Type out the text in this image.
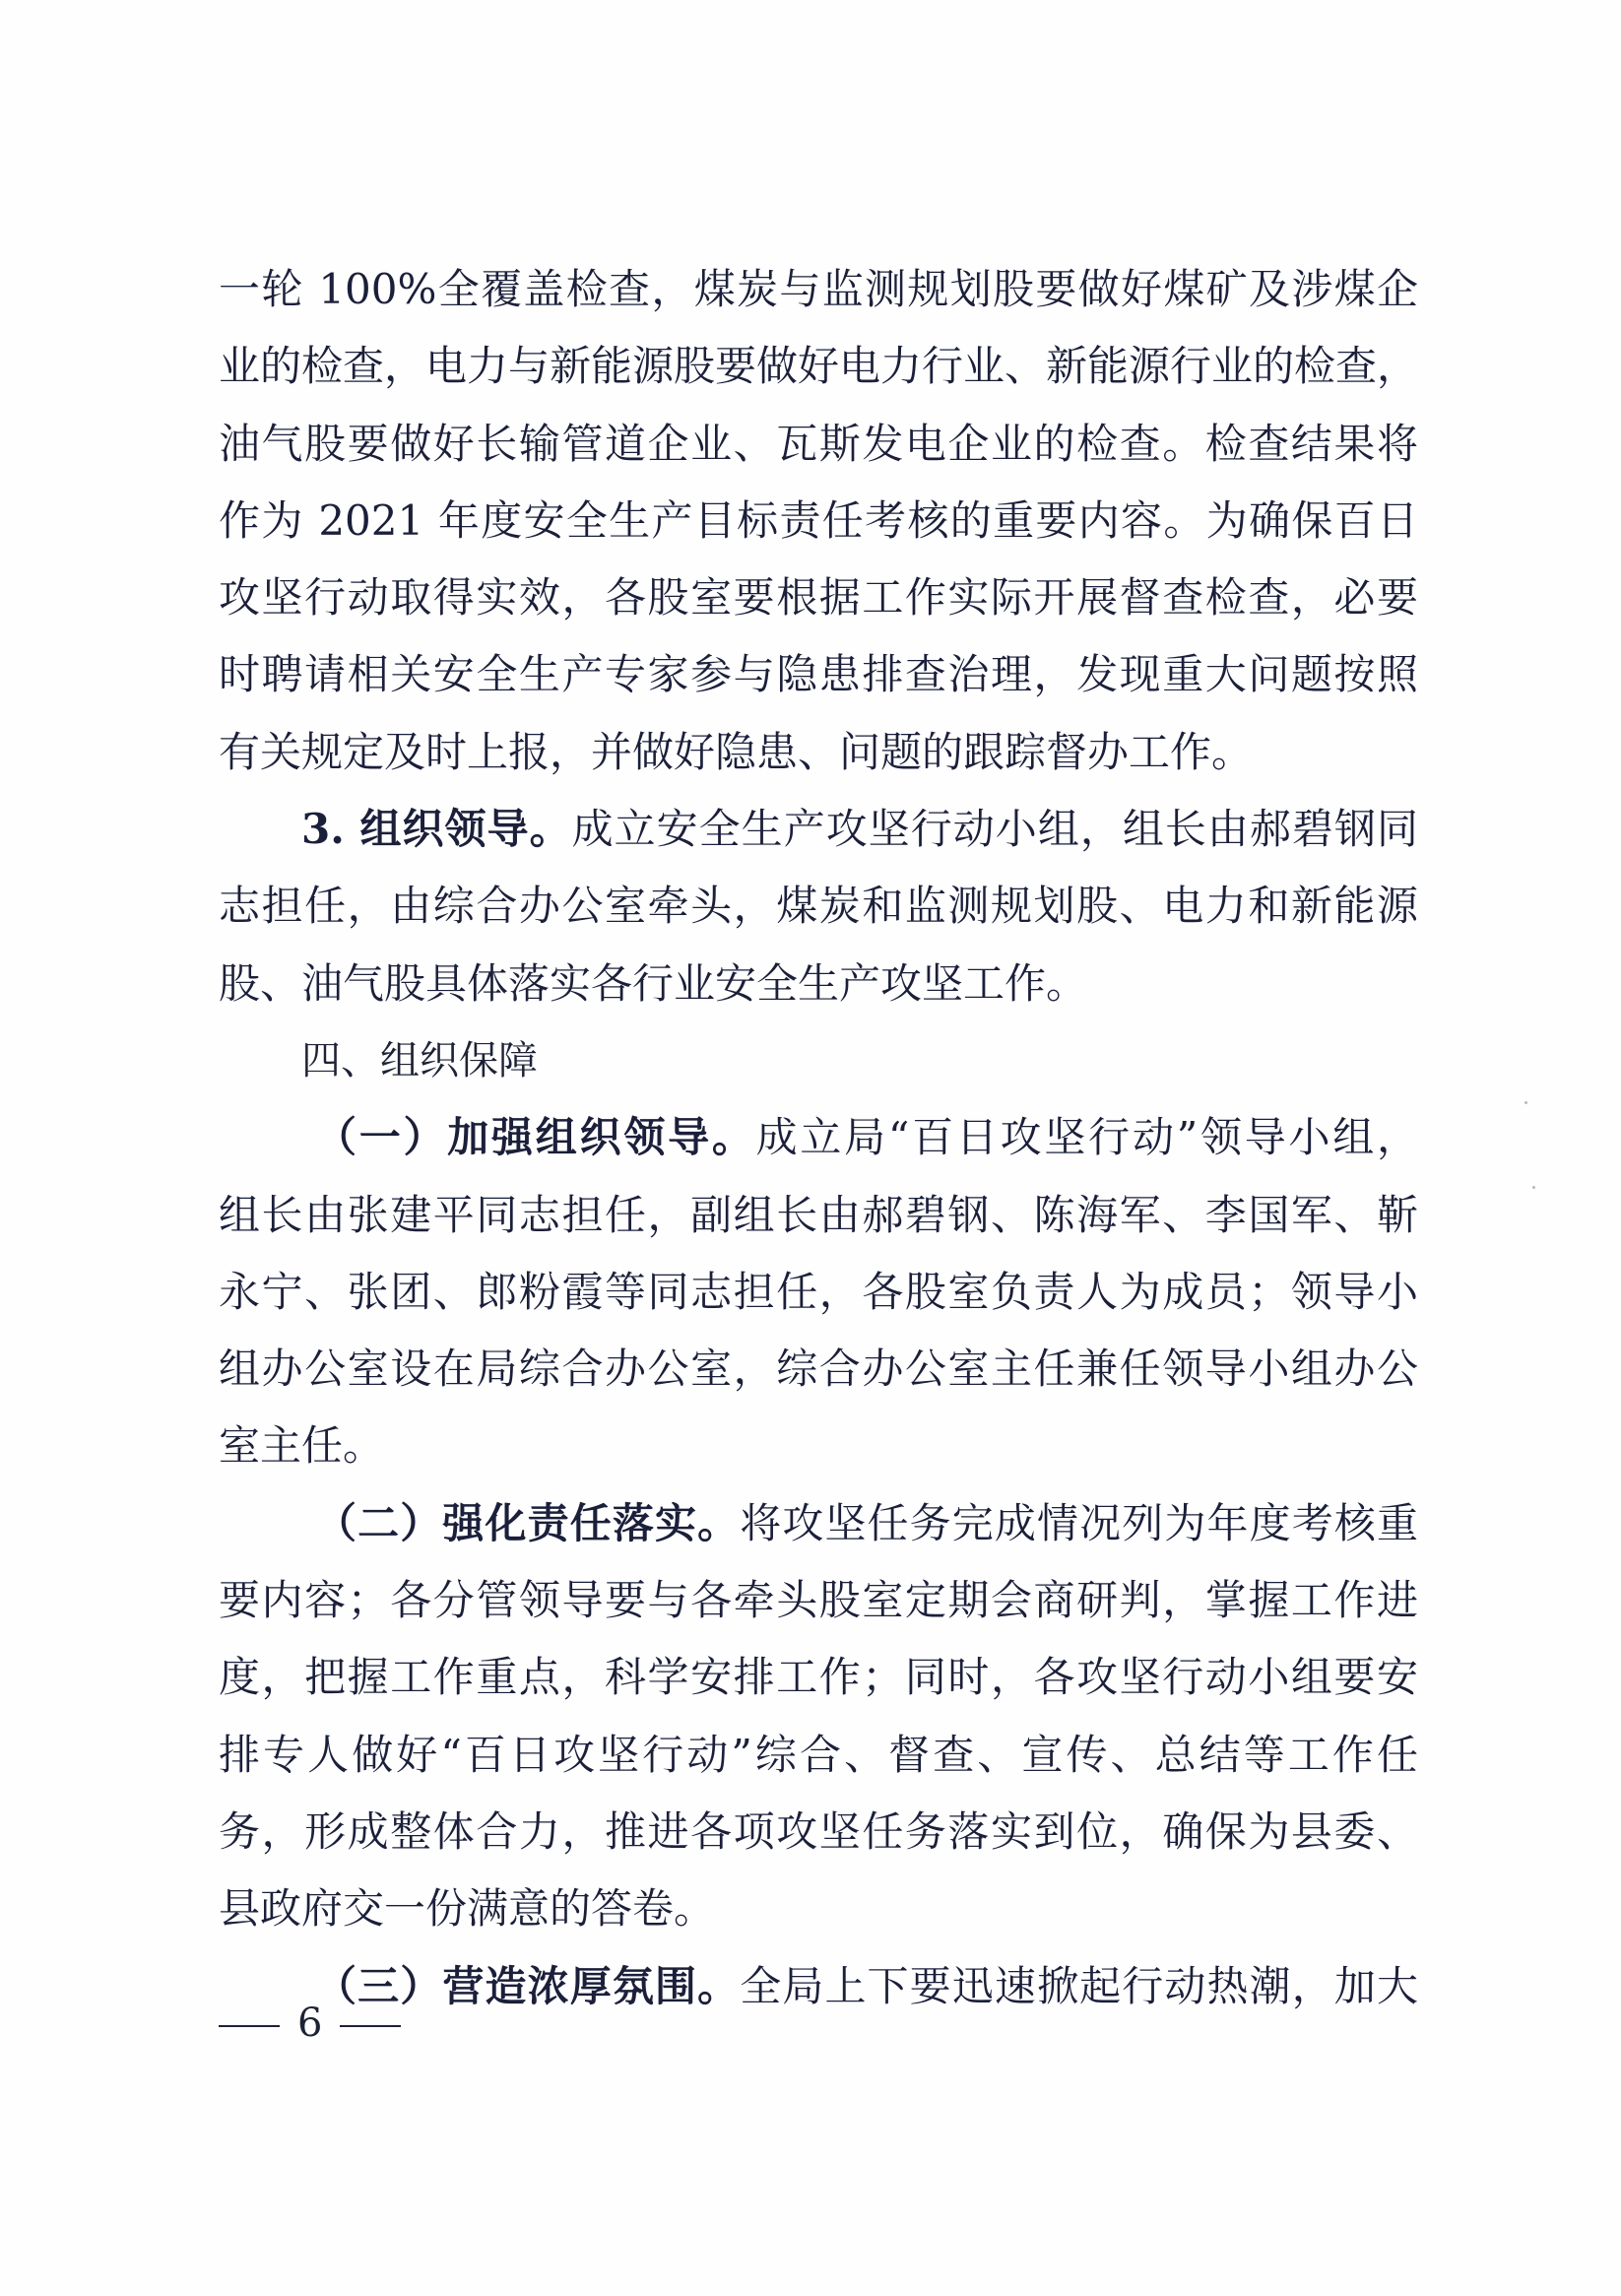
一轮 100%全覆盖检查，煤炭与监测规划股要做好煤矿及涉煤企
业的检查，电力与新能源股要做好电力行业、新能源行业的检查，
油气股要做好长输管道企业、瓦斯发电企业的检查。检查结果将
作为 2021 年度安全生产目标责任考核的重要内容。为确保百日
攻坚行动取得实效，各股室要根据工作实际开展督查检查，必要
时聘请相关安全生产专家参与隐患排查治理，发现重大问题按照
有关规定及时上报，并做好隐患、问题的跟踪督办工作。
3. 组织领导。成立安全生产攻坚行动小组，组长由郝碧钢同
志担任，由综合办公室牵头，煤炭和监测规划股、电力和新能源
股、油气股具体落实各行业安全生产攻坚工作。
四、组织保障
（一）加强组织领导。成立局“百日攻坚行动”领导小组，
组长由张建平同志担任，副组长由郝碧钢、陈海军、李国军、靳
永宁、张团、郎粉霞等同志担任，各股室负责人为成员；领导小
组办公室设在局综合办公室，综合办公室主任兼任领导小组办公
室主任。
（二）强化责任落实。将攻坚任务完成情况列为年度考核重
要内容；各分管领导要与各牵头股室定期会商研判，掌握工作进
度，把握工作重点，科学安排工作；同时，各攻坚行动小组要安
排专人做好“百日攻坚行动”综合、督查、宣传、总结等工作任
务，形成整体合力，推进各项攻坚任务落实到位，确保为县委、
县政府交一份满意的答卷。
（三）营造浓厚氛围。全局上下要迅速掀起行动热潮，加大
6
